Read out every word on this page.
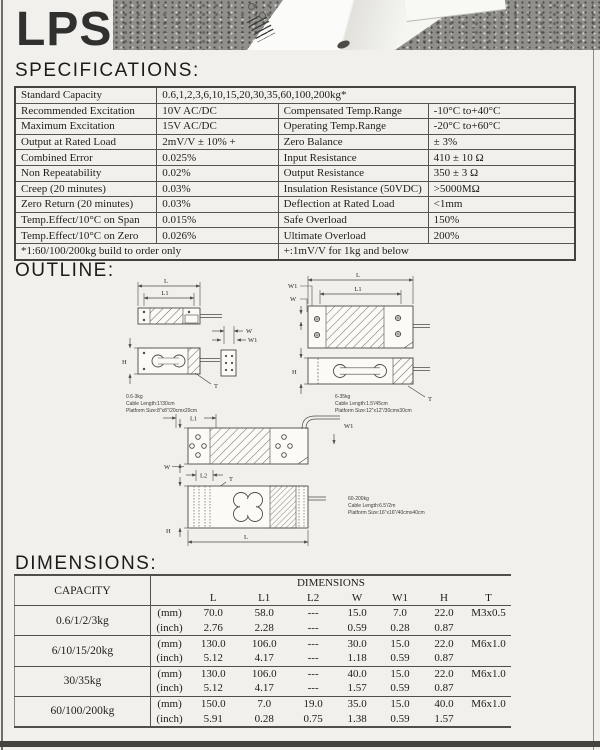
LPS
SPECIFICATIONS:
Standard Capacity	0.6,1,2,3,6,10,15,20,30,35,60,100,200kg*		
Recommended Excitation	10V AC/DC	Compensated Temp.Range	-10°C to+40°C
Maximum Excitation	15V AC/DC	Operating Temp.Range	-20°C to+60°C
Output at Rated Load	2mV/V ± 10% +	Zero Balance	± 3%
Combined Error	0.025%	Input Resistance	410 ± 10 Ω
Non Repeatability	0.02%	Output Resistance	350 ± 3 Ω
Creep (20 minutes)	0.03%	Insulation Resistance (50VDC)	>5000MΩ
Zero Return (20 minutes)	0.03%	Deflection at Rated Load	<1mm
Temp.Effect/10°C on Span	0.015%	Safe Overload	150%
Temp.Effect/10°C on Zero	0.026%	Ultimate Overload	200%
*1:60/100/200kg build to order only		+:1mV/V for 1kg and below	
OUTLINE:
L
L1
W
W1
H
T
0.6-3kg
Cable Length:1'/30cm
Platform Size:8"x8"/20cmx20cm
W1
W
L
L1
H
T
6-35kg
Cable Length:1.5'/45cm
Platform Size:12"x12"/30cmx30cm
L1
W1
W
L2	T
H
L
60-200kg
Cable Length:6.5'/2m
Platform Size:16"x16"/40cmx40cm
DIMENSIONS:
CAPACITY	DIMENSIONS							
		L	L1	L2	W	W1	H	T
0.6/1/2/3kg	(mm)	70.0	58.0	---	15.0	7.0	22.0	M3x0.5
	(inch)	2.76	2.28	---	0.59	0.28	0.87	
6/10/15/20kg	(mm)	130.0	106.0	---	30.0	15.0	22.0	M6x1.0
	(inch)	5.12	4.17	---	1.18	0.59	0.87	
30/35kg	(mm)	130.0	106.0	---	40.0	15.0	22.0	M6x1.0
	(inch)	5.12	4.17	---	1.57	0.59	0.87	
60/100/200kg	(mm)	150.0	7.0	19.0	35.0	15.0	40.0	M6x1.0
	(inch)	5.91	0.28	0.75	1.38	0.59	1.57	
